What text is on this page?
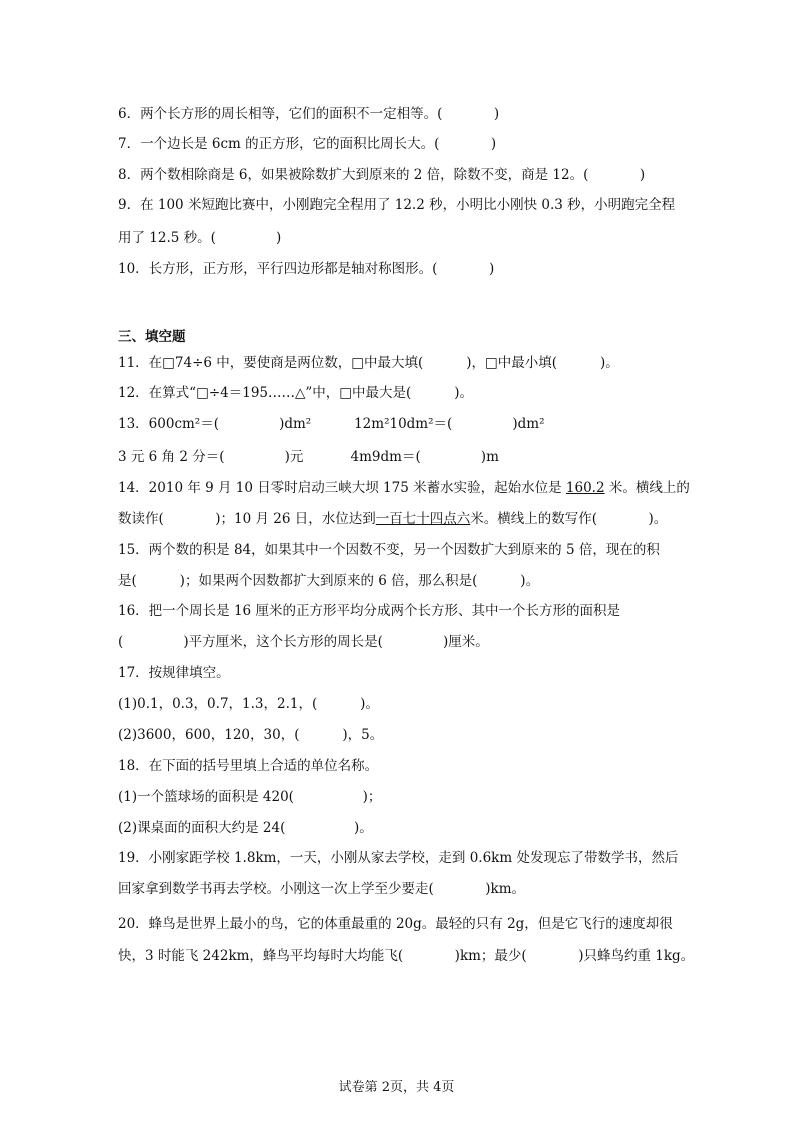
6．两个长方形的周长相等，它们的面积不一定相等。(            )
7．一个边长是 6cm 的正方形，它的面积比周长大。(            )
8．两个数相除商是 6，如果被除数扩大到原来的 2 倍，除数不变，商是 12。(            )
9．在 100 米短跑比赛中，小刚跑完全程用了 12.2 秒，小明比小刚快 0.3 秒，小明跑完全程
用了 12.5 秒。(              )
10．长方形，正方形，平行四边形都是轴对称图形。(            )
三、填空题
11．在□74÷6 中，要使商是两位数，□中最大填(          )，□中最小填(          )。
12．在算式“□÷4＝195……△”中，□中最大是(          )。
13．600cm²＝(              )dm²          12m²10dm²＝(              )dm²
3 元 6 角 2 分＝(              )元           4m9dm＝(              )m
14．2010 年 9 月 10 日零时启动三峡大坝 175 米蓄水实验，起始水位是 160.2 米。横线上的
数读作(            )；10 月 26 日，水位达到一百七十四点六米。横线上的数写作(            )。
15．两个数的积是 84，如果其中一个因数不变，另一个因数扩大到原来的 5 倍，现在的积
是(          )；如果两个因数都扩大到原来的 6 倍，那么积是(          )。
16．把一个周长是 16 厘米的正方形平均分成两个长方形、其中一个长方形的面积是
(              )平方厘米，这个长方形的周长是(              )厘米。
17．按规律填空。
(1)0.1，0.3，0.7，1.3，2.1，(          )。
(2)3600，600，120，30，(          )，5。
18．在下面的括号里填上合适的单位名称。
(1)一个篮球场的面积是 420(                )；
(2)课桌面的面积大约是 24(                )。
19．小刚家距学校 1.8km，一天，小刚从家去学校，走到 0.6km 处发现忘了带数学书，然后
回家拿到数学书再去学校。小刚这一次上学至少要走(            )km。
20．蜂鸟是世界上最小的鸟，它的体重最重的 20g。最轻的只有 2g，但是它飞行的速度却很
快，3 时能飞 242km，蜂鸟平均每时大均能飞(            )km；最少(            )只蜂鸟约重 1kg。
试卷第 2页，共 4页
